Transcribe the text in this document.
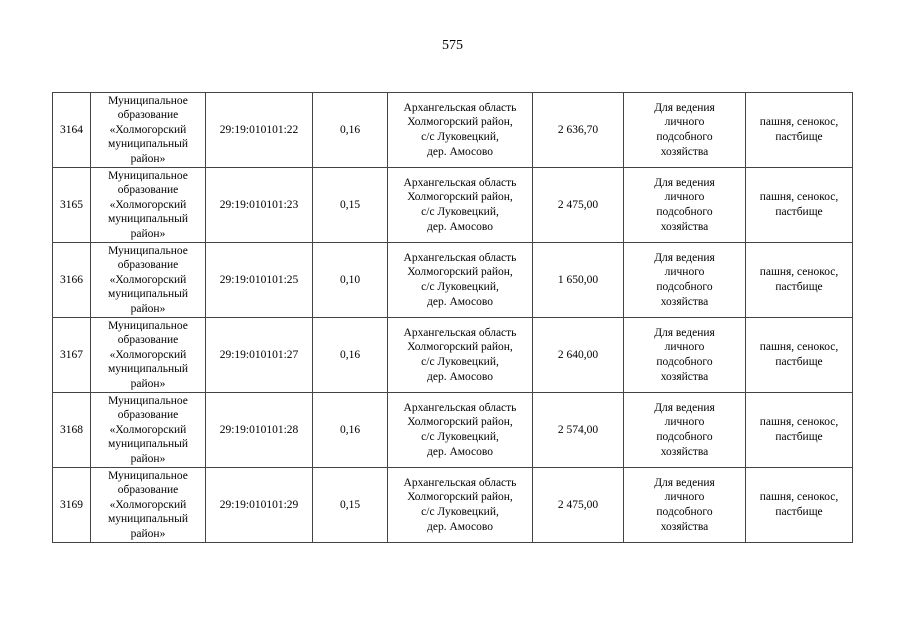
575
3164	Муниципальное
образование
«Холмогорский
муниципальный
район»	29:19:010101:22	0,16	Архангельская область
Холмогорский район,
с/с Луковецкий,
дер. Амосово	2 636,70	Для ведения
личного
подсобного
хозяйства	пашня, сенокос,
пастбище
3165	Муниципальное
образование
«Холмогорский
муниципальный
район»	29:19:010101:23	0,15	Архангельская область
Холмогорский район,
с/с Луковецкий,
дер. Амосово	2 475,00	Для ведения
личного
подсобного
хозяйства	пашня, сенокос,
пастбище
3166	Муниципальное
образование
«Холмогорский
муниципальный
район»	29:19:010101:25	0,10	Архангельская область
Холмогорский район,
с/с Луковецкий,
дер. Амосово	1 650,00	Для ведения
личного
подсобного
хозяйства	пашня, сенокос,
пастбище
3167	Муниципальное
образование
«Холмогорский
муниципальный
район»	29:19:010101:27	0,16	Архангельская область
Холмогорский район,
с/с Луковецкий,
дер. Амосово	2 640,00	Для ведения
личного
подсобного
хозяйства	пашня, сенокос,
пастбище
3168	Муниципальное
образование
«Холмогорский
муниципальный
район»	29:19:010101:28	0,16	Архангельская область
Холмогорский район,
с/с Луковецкий,
дер. Амосово	2 574,00	Для ведения
личного
подсобного
хозяйства	пашня, сенокос,
пастбище
3169	Муниципальное
образование
«Холмогорский
муниципальный
район»	29:19:010101:29	0,15	Архангельская область
Холмогорский район,
с/с Луковецкий,
дер. Амосово	2 475,00	Для ведения
личного
подсобного
хозяйства	пашня, сенокос,
пастбище
